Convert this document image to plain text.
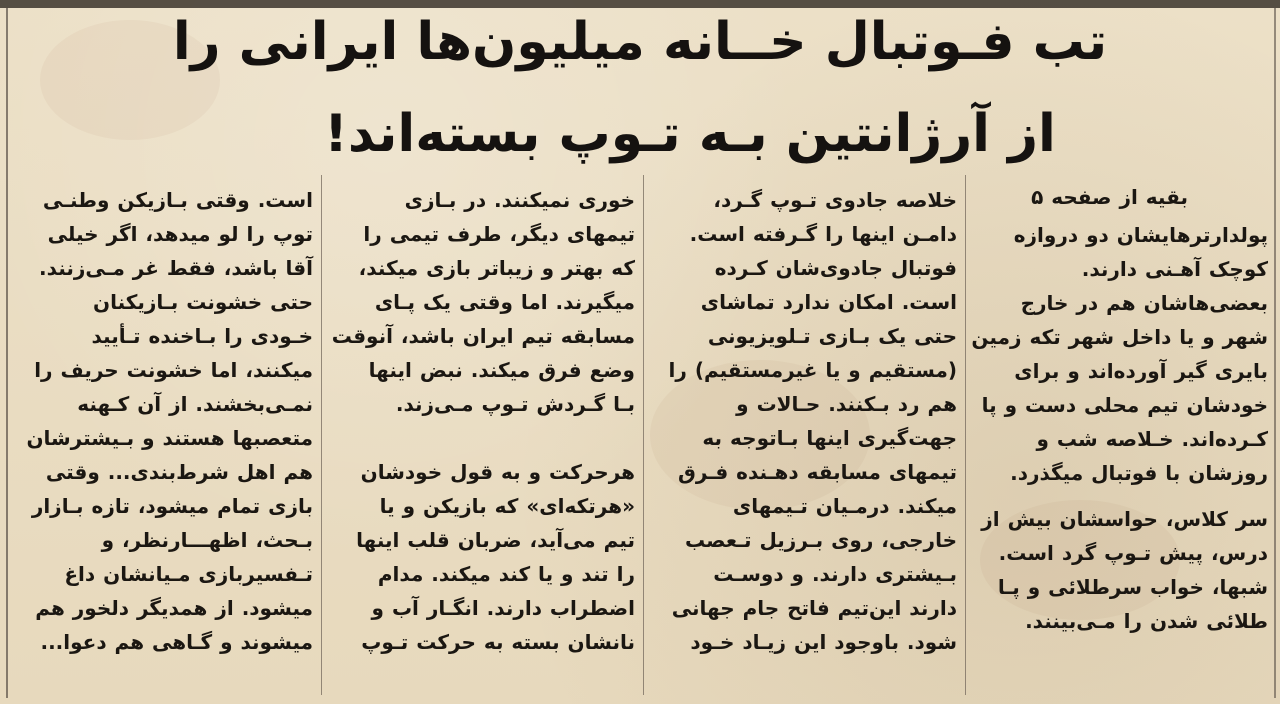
تب فـوتبال خــانه میلیون‌ها ایرانی را
از آرژانتین بـه تـوپ بسته‌اند!
بقیه از صفحه ۵
پولدارترهایشان دو دروازه
کوچک آهـنی دارند.
بعضی‌هاشان هم در خارج
شهر و یا داخل شهر تکه زمین
بایری گیر آورده‌اند و برای
خودشان تیم محلی دست و پا
کـرده‌اند. خـلاصه شب و
روزشان با فوتبال میگذرد.
سر کلاس، حواسشان بیش از
درس، پیش تـوپ گرد است.
شبها، خواب سرطلائی و پـا
طلائی شدن را مـی‌بینند.
خلاصه جادوی تـوپ گـرد،
دامـن اینها را گـرفته است.
فوتبال جادوی‌شان کـرده
است. امکان ندارد تماشای
حتی یک بـازی تـلویزیونی
(مستقیم و یا غیرمستقیم) را
هم رد بـکنند. حـالات و
جهت‌گیری اینها بـاتوجه به
تیمهای مسابقه دهـنده فـرق
میکند. درمـیان تـیمهای
خارجی، روی بـرزیل تـعصب
بـیشتری دارند. و دوسـت
دارند این‌تیم فاتح جام جهانی
شود. باوجود این زیـاد خـود
خوری نمیکنند. در بـازی
تیمهای دیگر، طرف تیمی را
که بهتر و زیباتر بازی میکند،
میگیرند. اما وقتی یک پـای
مسابقه تیم ایران باشد، آنوقت
وضع فرق میکند. نبض اینها
بـا گـردش تـوپ مـی‌زند.
هرحرکت و به قول خودشان
«هرتکه‌ای» که بازیکن و یا
تیم می‌آید، ضربان قلب اینها
را تند و یا کند میکند. مدام
اضطراب دارند. انگـار آب و
نانشان بسته به حرکت تـوپ
است. وقتی بـازیکن وطنـی
توپ را لو میدهد، اگر خیلی
آقا باشد، فقط غر مـی‌زنند.
حتی خشونت بـازیکنان
خـودی را بـاخنده تـأیید
میکنند، اما خشونت حریف را
نمـی‌بخشند. از آن کـهنه
متعصبها هستند و بـیشترشان
هم اهل شرط‌بندی... وقتی
بازی تمام میشود، تازه بـازار
بـحث، اظهـــارنظر، و
تـفسیربازی مـیانشان داغ
میشود. از همدیگر دلخور هم
میشوند و گـاهی هم دعوا...
